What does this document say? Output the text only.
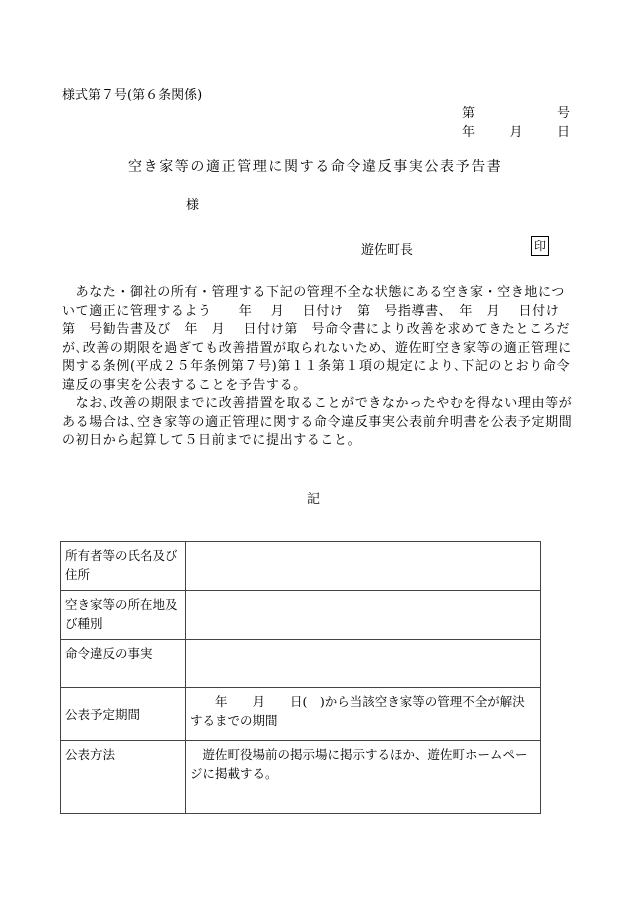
様式第７号(第６条関係)
第	号
年	月	日
空き家等の適正管理に関する命令違反事実公表予告書
様
遊佐町長	印

　あなた・御社の所有・管理する下記の管理不全な状態にある空き家・空き地について適正に管理するよう　　年　 月　 日付け　第　号指導書、　年　月　 日付け　第　号勧告書及び　年　月　 日付け第　号命令書により改善を求めてきたところだが､改善の期限を過ぎても改善措置が取られないため、遊佐町空き家等の適正管理に関する条例(平成２５年条例第７号)第１１条第１項の規定により､下記のとおり命令違反の事実を公表することを予告する。

　なお､改善の期限までに改善措置を取ることができなかったやむを得ない理由等がある場合は､空き家等の適正管理に関する命令違反事実公表前弁明書を公表予定期間の初日から起算して５日前までに提出すること。

記
所有者等の氏名及び住所	
空き家等の所在地及び種別	
命令違反の事実	
公表予定期間	　　年　　月　　日(　)から当該空き家等の管理不全が解決するまでの期間
公表方法	　遊佐町役場前の掲示場に掲示するほか、遊佐町ホームページに掲載する。
